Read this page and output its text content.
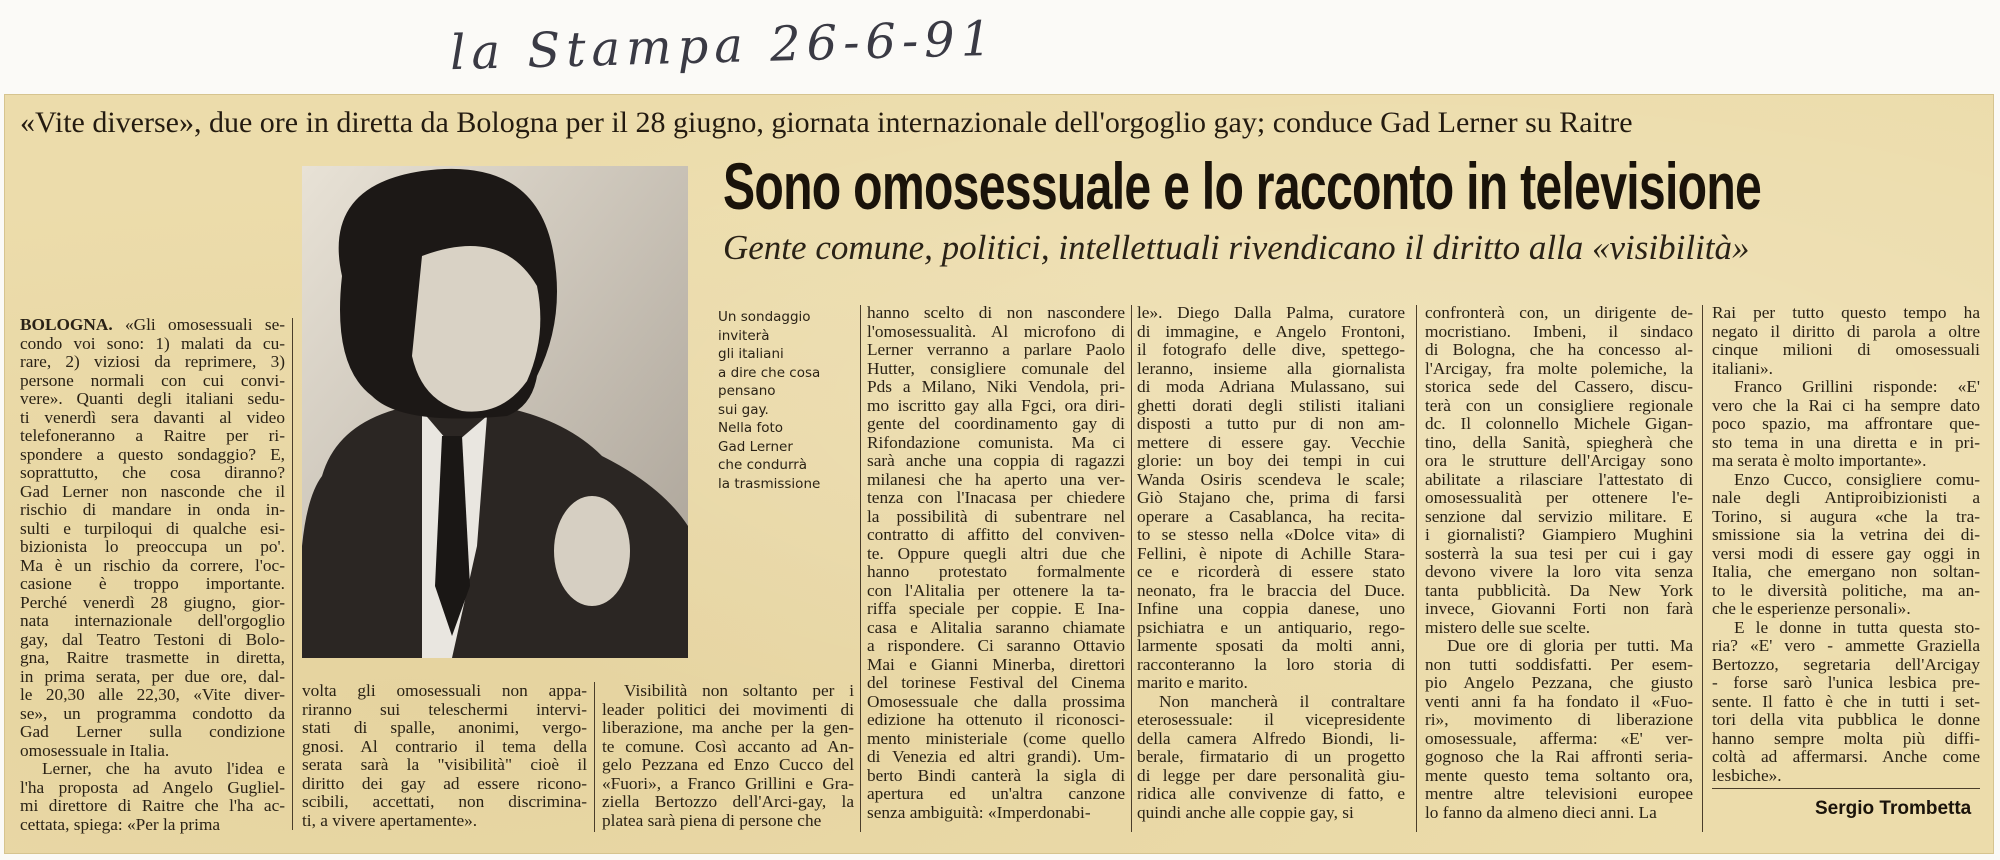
la Stampa 26-6-91
«Vite diverse», due ore in diretta da Bologna per il 28 giugno, giornata internazionale dell'orgoglio gay; conduce Gad Lerner su Raitre
Sono omosessuale e lo racconto in televisione
Gente comune, politici, intellettuali rivendicano il diritto alla «visibilità»
Un sondaggio
inviterà
gli italiani
a dire che cosa
pensano
sui gay.
Nella foto
Gad Lerner
che condurrà
la trasmissione
BOLOGNA. «Gli omosessuali se-
condo voi sono: 1) malati da cu-
rare, 2) viziosi da reprimere, 3)
persone normali con cui convi-
vere». Quanti degli italiani sedu-
ti venerdì sera davanti al video
telefoneranno a Raitre per ri-
spondere a questo sondaggio? E,
soprattutto, che cosa diranno?
Gad Lerner non nasconde che il
rischio di mandare in onda in-
sulti e turpiloqui di qualche esi-
bizionista lo preoccupa un po'.
Ma è un rischio da correre, l'oc-
casione è troppo importante.
Perché venerdì 28 giugno, gior-
nata internazionale dell'orgoglio
gay, dal Teatro Testoni di Bolo-
gna, Raitre trasmette in diretta,
in prima serata, per due ore, dal-
le 20,30 alle 22,30, «Vite diver-
se», un programma condotto da
Gad Lerner sulla condizione
omosessuale in Italia.
Lerner, che ha avuto l'idea e
l'ha proposta ad Angelo Gugliel-
mi direttore di Raitre che l'ha ac-
cettata, spiega: «Per la prima
volta gli omosessuali non appa-
riranno sui teleschermi intervi-
stati di spalle, anonimi, vergo-
gnosi. Al contrario il tema della
serata sarà la "visibilità" cioè il
diritto dei gay ad essere ricono-
scibili, accettati, non discrimina-
ti, a vivere apertamente».
Visibilità non soltanto per i
leader politici dei movimenti di
liberazione, ma anche per la gen-
te comune. Così accanto ad An-
gelo Pezzana ed Enzo Cucco del
«Fuori», a Franco Grillini e Gra-
ziella Bertozzo dell'Arci-gay, la
platea sarà piena di persone che
hanno scelto di non nascondere
l'omosessualità. Al microfono di
Lerner verranno a parlare Paolo
Hutter, consigliere comunale del
Pds a Milano, Niki Vendola, pri-
mo iscritto gay alla Fgci, ora diri-
gente del coordinamento gay di
Rifondazione comunista. Ma ci
sarà anche una coppia di ragazzi
milanesi che ha aperto una ver-
tenza con l'Inacasa per chiedere
la possibilità di subentrare nel
contratto di affitto del conviven-
te. Oppure quegli altri due che
hanno protestato formalmente
con l'Alitalia per ottenere la ta-
riffa speciale per coppie. E Ina-
casa e Alitalia saranno chiamate
a rispondere. Ci saranno Ottavio
Mai e Gianni Minerba, direttori
del torinese Festival del Cinema
Omosessuale che dalla prossima
edizione ha ottenuto il riconosci-
mento ministeriale (come quello
di Venezia ed altri grandi). Um-
berto Bindi canterà la sigla di
apertura ed un'altra canzone
senza ambiguità: «Imperdonabi-
le». Diego Dalla Palma, curatore
di immagine, e Angelo Frontoni,
il fotografo delle dive, spettego-
leranno, insieme alla giornalista
di moda Adriana Mulassano, sui
ghetti dorati degli stilisti italiani
disposti a tutto pur di non am-
mettere di essere gay. Vecchie
glorie: un boy dei tempi in cui
Wanda Osiris scendeva le scale;
Giò Stajano che, prima di farsi
operare a Casablanca, ha recita-
to se stesso nella «Dolce vita» di
Fellini, è nipote di Achille Stara-
ce e ricorderà di essere stato
neonato, fra le braccia del Duce.
Infine una coppia danese, uno
psichiatra e un antiquario, rego-
larmente sposati da molti anni,
racconteranno la loro storia di
marito e marito.
Non mancherà il contraltare
eterosessuale: il vicepresidente
della camera Alfredo Biondi, li-
berale, firmatario di un progetto
di legge per dare personalità giu-
ridica alle convivenze di fatto, e
quindi anche alle coppie gay, si
confronterà con, un dirigente de-
mocristiano. Imbeni, il sindaco
di Bologna, che ha concesso al-
l'Arcigay, fra molte polemiche, la
storica sede del Cassero, discu-
terà con un consigliere regionale
dc. Il colonnello Michele Gigan-
tino, della Sanità, spiegherà che
ora le strutture dell'Arcigay sono
abilitate a rilasciare l'attestato di
omosessualità per ottenere l'e-
senzione dal servizio militare. E
i giornalisti? Giampiero Mughini
sosterrà la sua tesi per cui i gay
devono vivere la loro vita senza
tanta pubblicità. Da New York
invece, Giovanni Forti non farà
mistero delle sue scelte.
Due ore di gloria per tutti. Ma
non tutti soddisfatti. Per esem-
pio Angelo Pezzana, che giusto
venti anni fa ha fondato il «Fuo-
ri», movimento di liberazione
omosessuale, afferma: «E' ver-
gognoso che la Rai affronti seria-
mente questo tema soltanto ora,
mentre altre televisioni europee
lo fanno da almeno dieci anni. La
Rai per tutto questo tempo ha
negato il diritto di parola a oltre
cinque milioni di omosessuali
italiani».
Franco Grillini risponde: «E'
vero che la Rai ci ha sempre dato
poco spazio, ma affrontare que-
sto tema in una diretta e in pri-
ma serata è molto importante».
Enzo Cucco, consigliere comu-
nale degli Antiproibizionisti a
Torino, si augura «che la tra-
smissione sia la vetrina dei di-
versi modi di essere gay oggi in
Italia, che emergano non soltan-
to le diversità politiche, ma an-
che le esperienze personali».
E le donne in tutta questa sto-
ria? «E' vero - ammette Graziella
Bertozzo, segretaria dell'Arcigay
- forse sarò l'unica lesbica pre-
sente. Il fatto è che in tutti i set-
tori della vita pubblica le donne
hanno sempre molta più diffi-
coltà ad affermarsi. Anche come
lesbiche».
Sergio Trombetta
